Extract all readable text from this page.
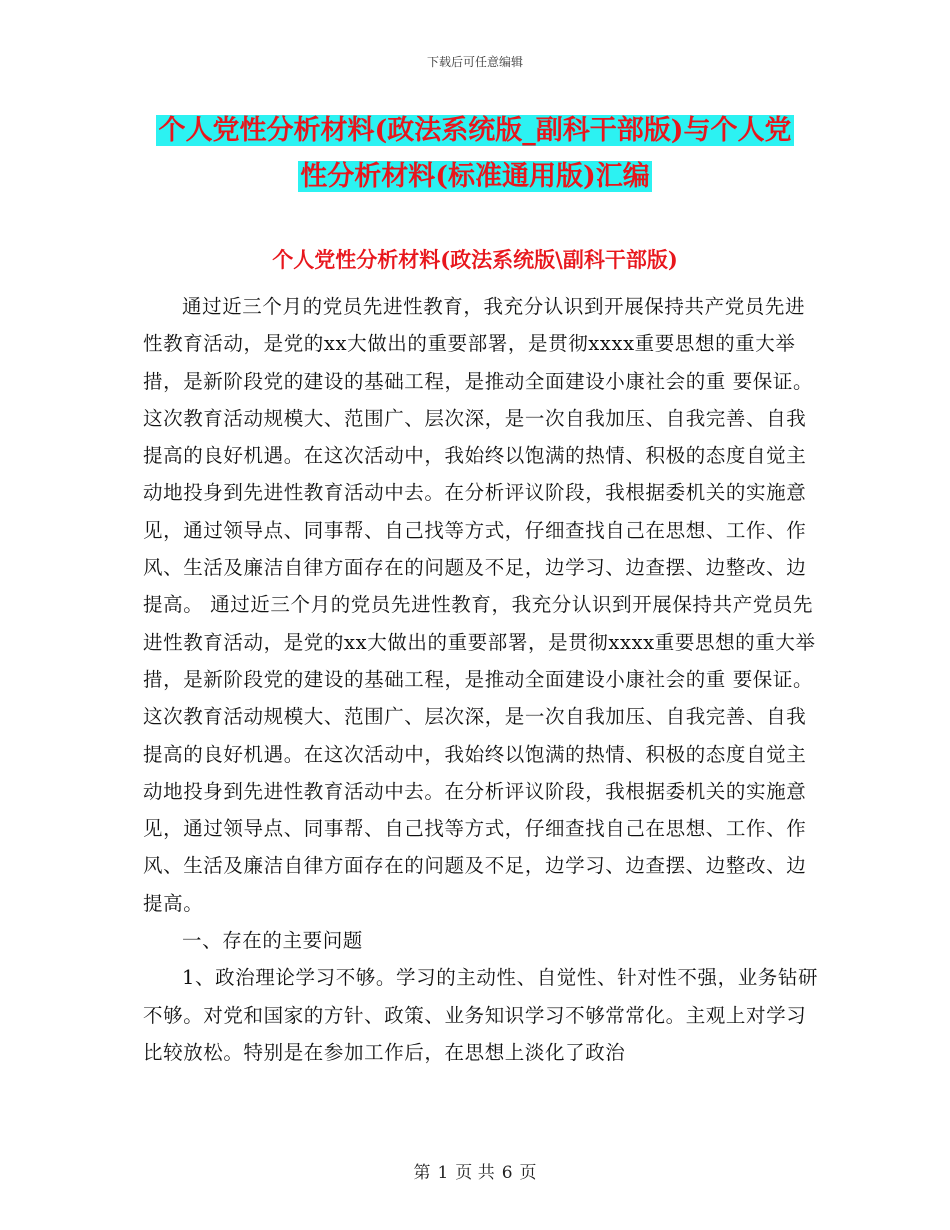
下载后可任意编辑
个人党性分析材料(政法系统版_副科干部版)与个人党
性分析材料(标准通用版)汇编
个人党性分析材料(政法系统版\副科干部版)

通过近三个月的党员先进性教育，我充分认识到开展保持共产党员先进性教育活动，是党的xx大做出的重要部署，是贯彻xxxx重要思想的重大举措，是新阶段党的建设的基础工程，是推动全面建设小康社会的重 要保证。这次教育活动规模大、范围广、层次深，是一次自我加压、自我完善、自我提高的良好机遇。在这次活动中，我始终以饱满的热情、积极的态度自觉主动地投身到先进性教育活动中去。在分析评议阶段，我根据委机关的实施意见，通过领导点、同事帮、自己找等方式，仔细查找自己在思想、工作、作风、生活及廉洁自律方面存在的问题及不足，边学习、边查摆、边整改、边提高。 通过近三个月的党员先进性教育，我充分认识到开展保持共产党员先进性教育活动，是党的xx大做出的重要部署，是贯彻xxxx重要思想的重大举措，是新阶段党的建设的基础工程，是推动全面建设小康社会的重 要保证。这次教育活动规模大、范围广、层次深，是一次自我加压、自我完善、自我提高的良好机遇。在这次活动中，我始终以饱满的热情、积极的态度自觉主动地投身到先进性教育活动中去。在分析评议阶段，我根据委机关的实施意见，通过领导点、同事帮、自己找等方式，仔细查找自己在思想、工作、作风、生活及廉洁自律方面存在的问题及不足，边学习、边查摆、边整改、边提高。

一、存在的主要问题

1、政治理论学习不够。学习的主动性、自觉性、针对性不强，业务钻研不够。对党和国家的方针、政策、业务知识学习不够常常化。主观上对学习比较放松。特别是在参加工作后，在思想上淡化了政治

第 1 页 共 6 页
